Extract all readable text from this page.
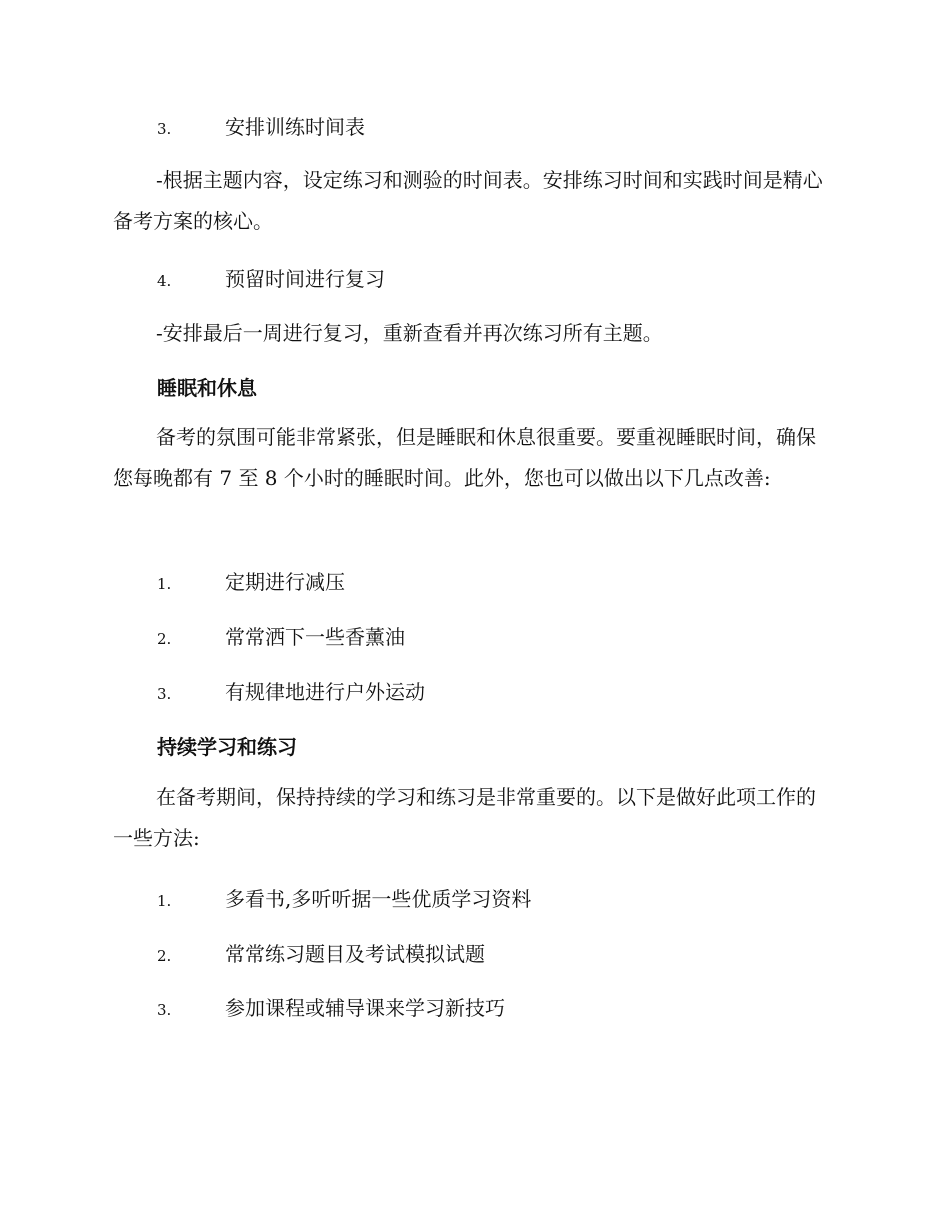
3.	安排训练时间表
-根据主题内容，设定练习和测验的时间表。安排练习时间和实践时间是精心备考方案的核心。
4.	预留时间进行复习
-安排最后一周进行复习，重新查看并再次练习所有主题。
睡眠和休息
备考的氛围可能非常紧张，但是睡眠和休息很重要。要重视睡眠时间，确保您每晚都有 7 至 8 个小时的睡眠时间。此外，您也可以做出以下几点改善:
1.	定期进行减压
2.	常常洒下一些香薰油
3.	有规律地进行户外运动
持续学习和练习
在备考期间，保持持续的学习和练习是非常重要的。以下是做好此项工作的一些方法:
1.	多看书,多听听据一些优质学习资料
2.	常常练习题目及考试模拟试题
3.	参加课程或辅导课来学习新技巧
